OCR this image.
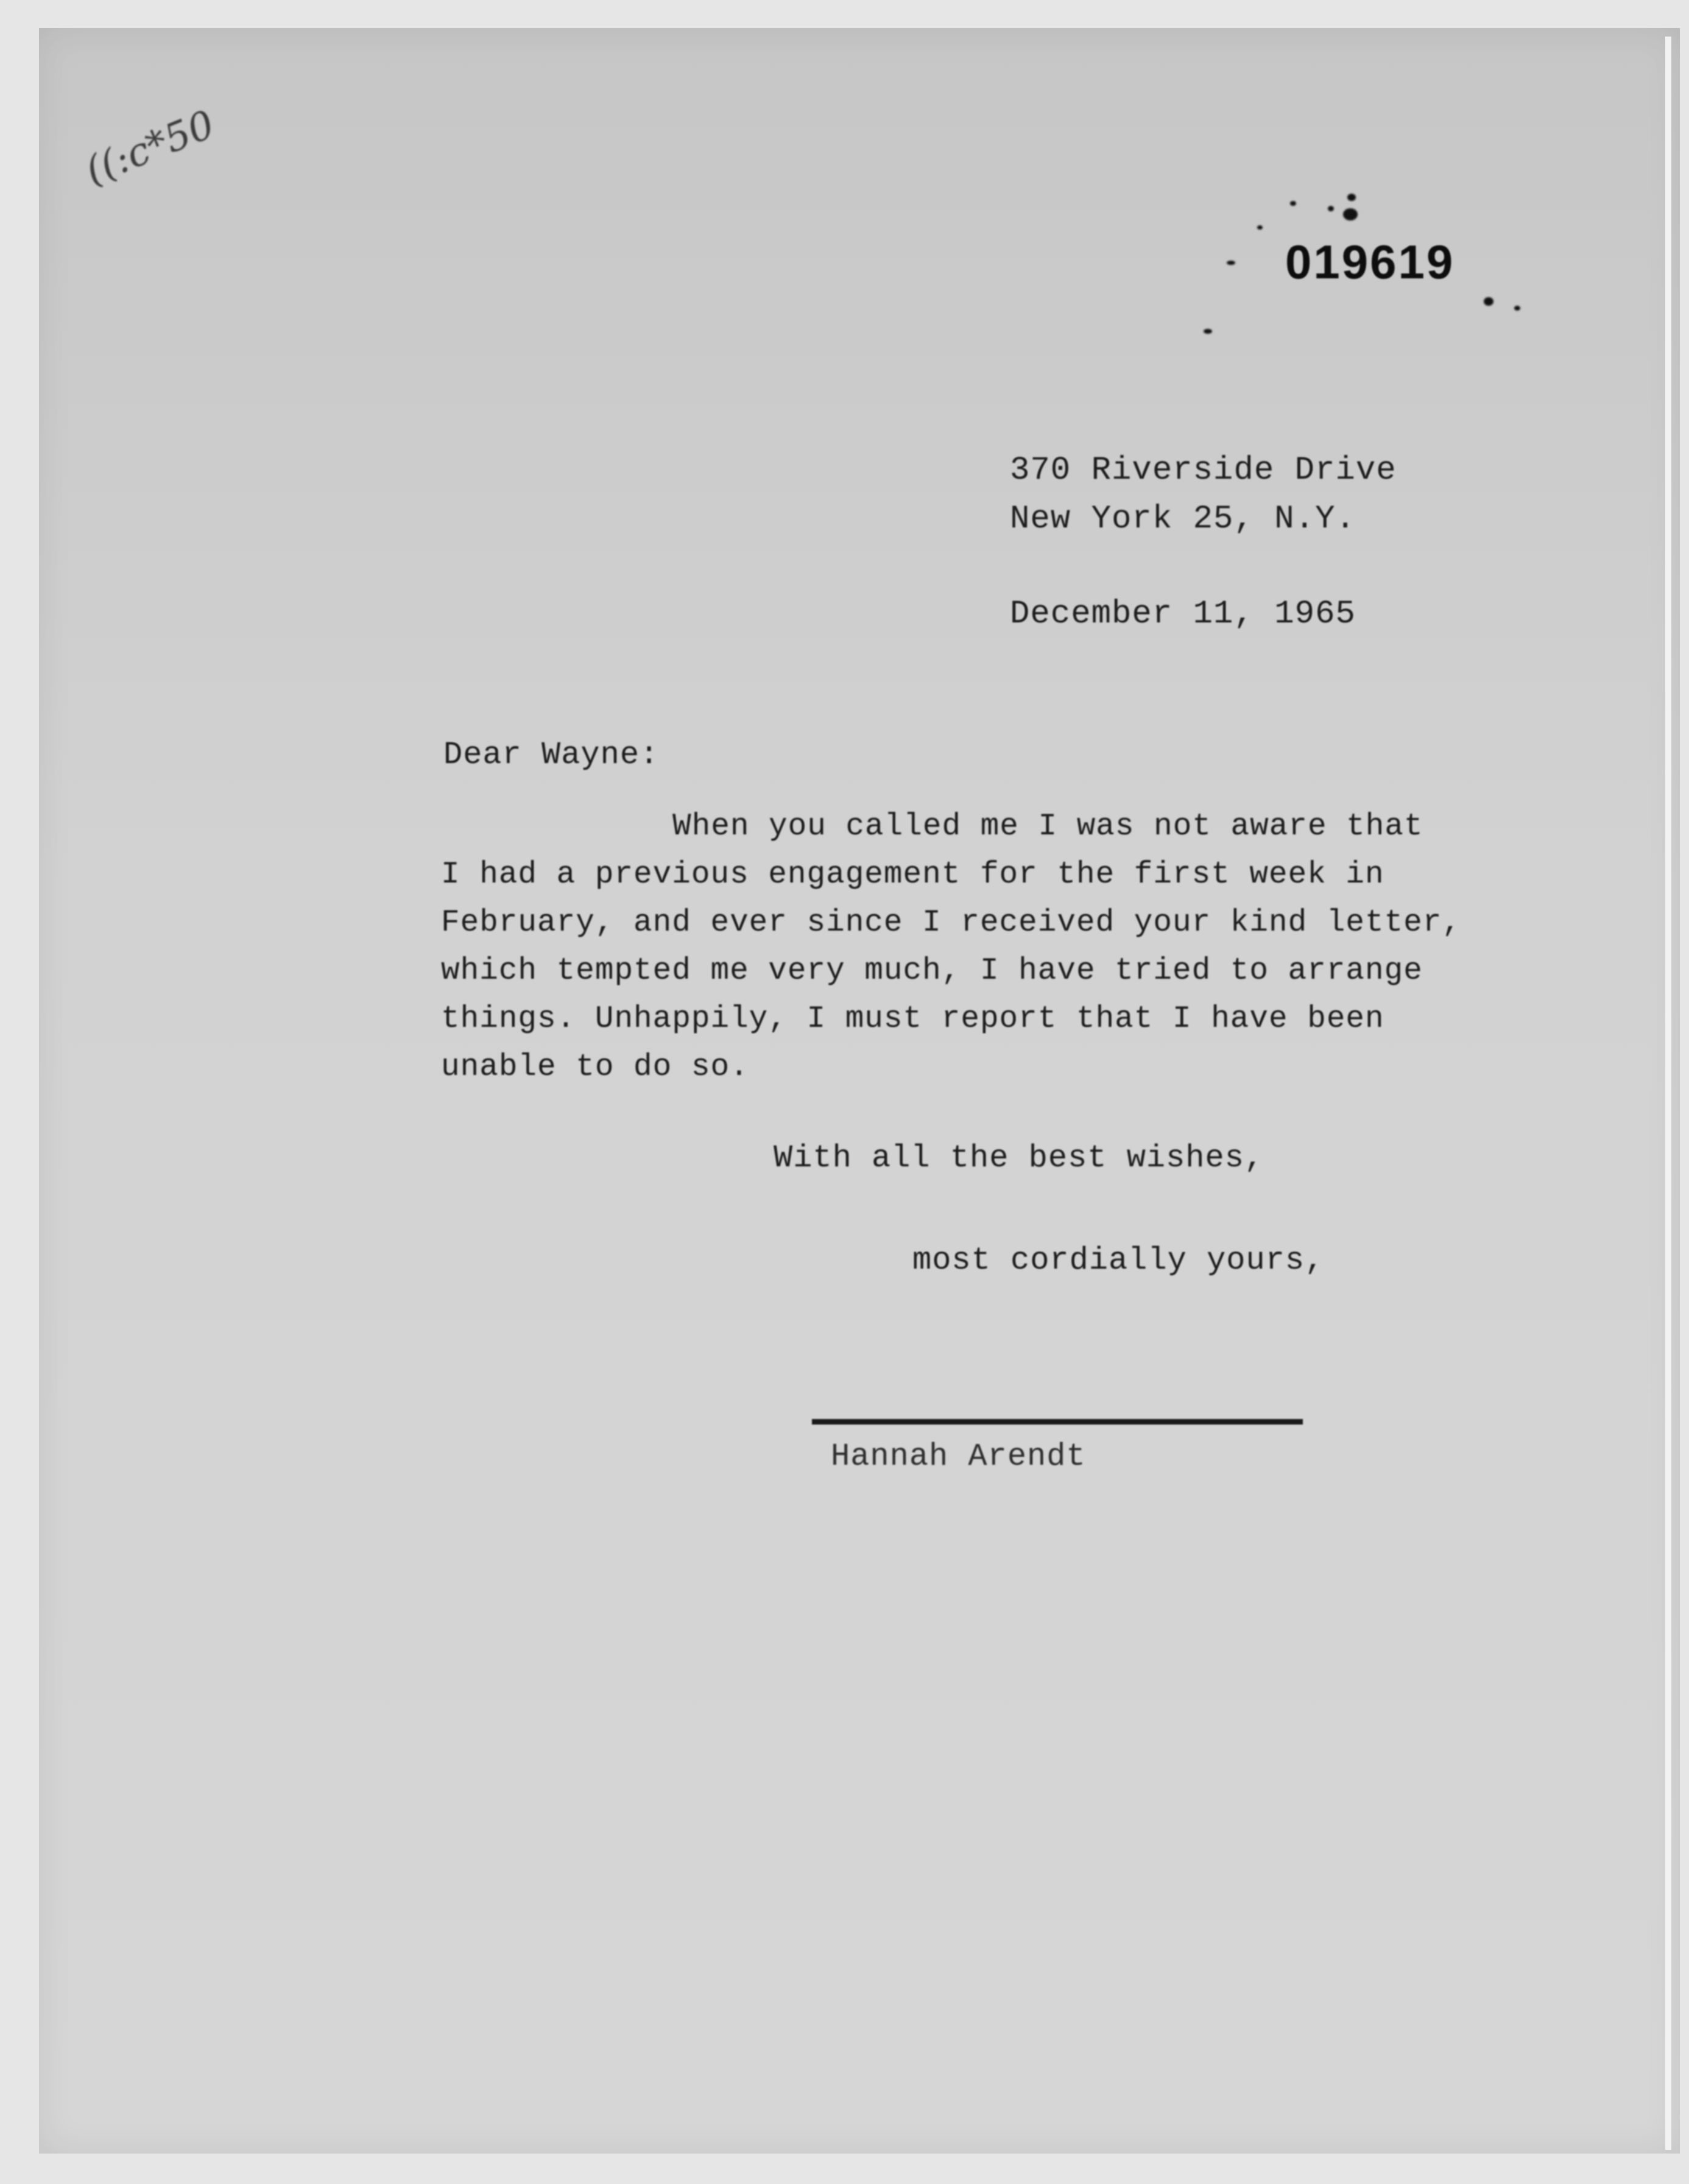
((:c*50
019619
370 Riverside Drive
New York 25, N.Y.
December 11, 1965
Dear Wayne:
When you called me I was not aware that
I had a previous engagement for the first week in
February, and ever since I received your kind letter,
which tempted me very much, I have tried to arrange
things. Unhappily, I must report that I have been
unable to do so.
With all the best wishes,
most cordially yours,
Hannah Arendt
